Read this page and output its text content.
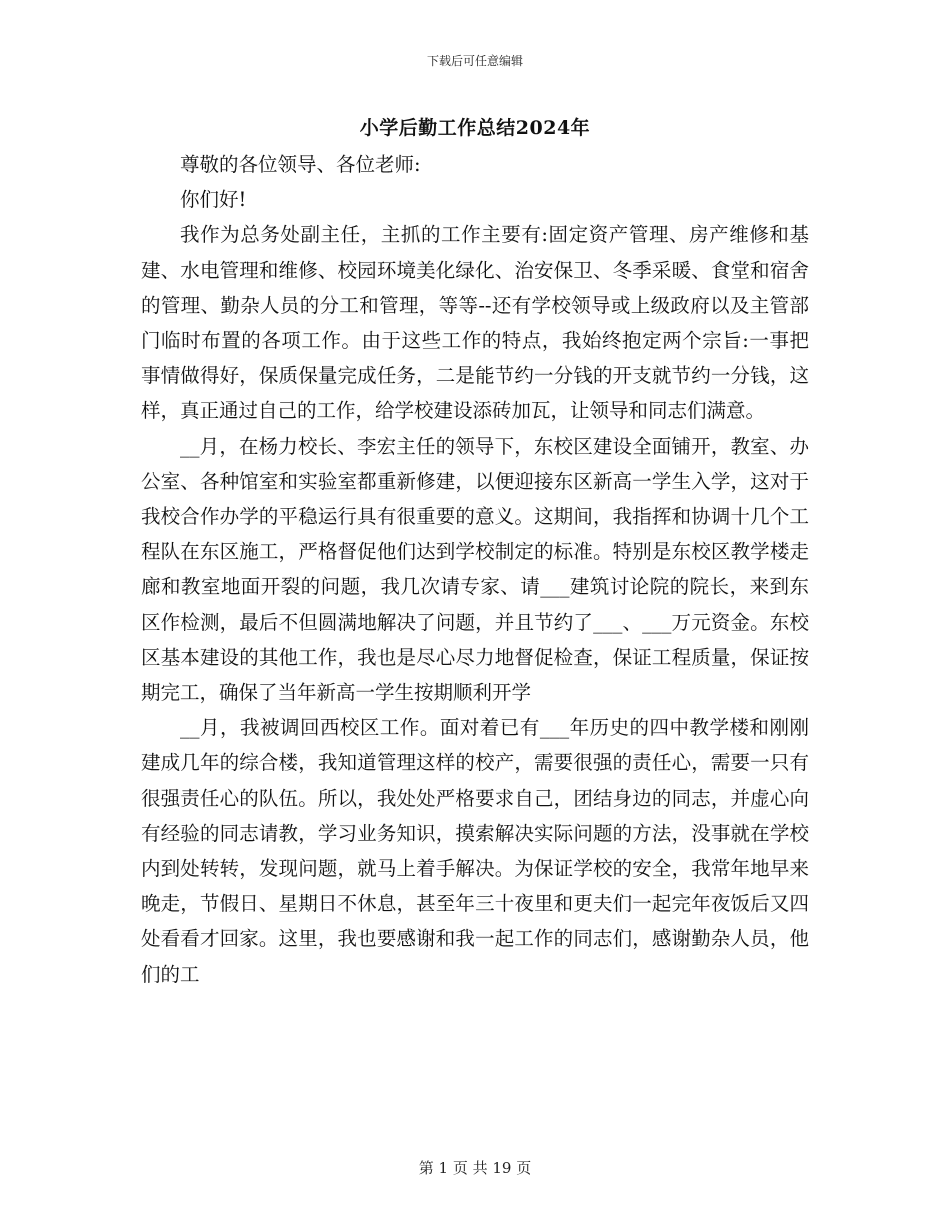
下载后可任意编辑
小学后勤工作总结2024年

尊敬的各位领导、各位老师:

你们好!

我作为总务处副主任，主抓的工作主要有:固定资产管理、房产维修和基建、水电管理和维修、校园环境美化绿化、治安保卫、冬季采暖、食堂和宿舍的管理、勤杂人员的分工和管理，等等--还有学校领导或上级政府以及主管部门临时布置的各项工作。由于这些工作的特点，我始终抱定两个宗旨:一事把事情做得好，保质保量完成任务，二是能节约一分钱的开支就节约一分钱，这样，真正通过自己的工作，给学校建设添砖加瓦，让领导和同志们满意。

__月，在杨力校长、李宏主任的领导下，东校区建设全面铺开，教室、办公室、各种馆室和实验室都重新修建，以便迎接东区新高一学生入学，这对于我校合作办学的平稳运行具有很重要的意义。这期间，我指挥和协调十几个工程队在东区施工，严格督促他们达到学校制定的标准。特别是东校区教学楼走廊和教室地面开裂的问题，我几次请专家、请___建筑讨论院的院长，来到东区作检测，最后不但圆满地解决了问题，并且节约了___、___万元资金。东校区基本建设的其他工作，我也是尽心尽力地督促检查，保证工程质量，保证按期完工，确保了当年新高一学生按期顺利开学

__月，我被调回西校区工作。面对着已有___年历史的四中教学楼和刚刚建成几年的综合楼，我知道管理这样的校产，需要很强的责任心，需要一只有很强责任心的队伍。所以，我处处严格要求自己，团结身边的同志，并虚心向有经验的同志请教，学习业务知识，摸索解决实际问题的方法，没事就在学校内到处转转，发现问题，就马上着手解决。为保证学校的安全，我常年地早来晚走，节假日、星期日不休息，甚至年三十夜里和更夫们一起完年夜饭后又四处看看才回家。这里，我也要感谢和我一起工作的同志们，感谢勤杂人员，他们的工

第 1 页 共 19 页
